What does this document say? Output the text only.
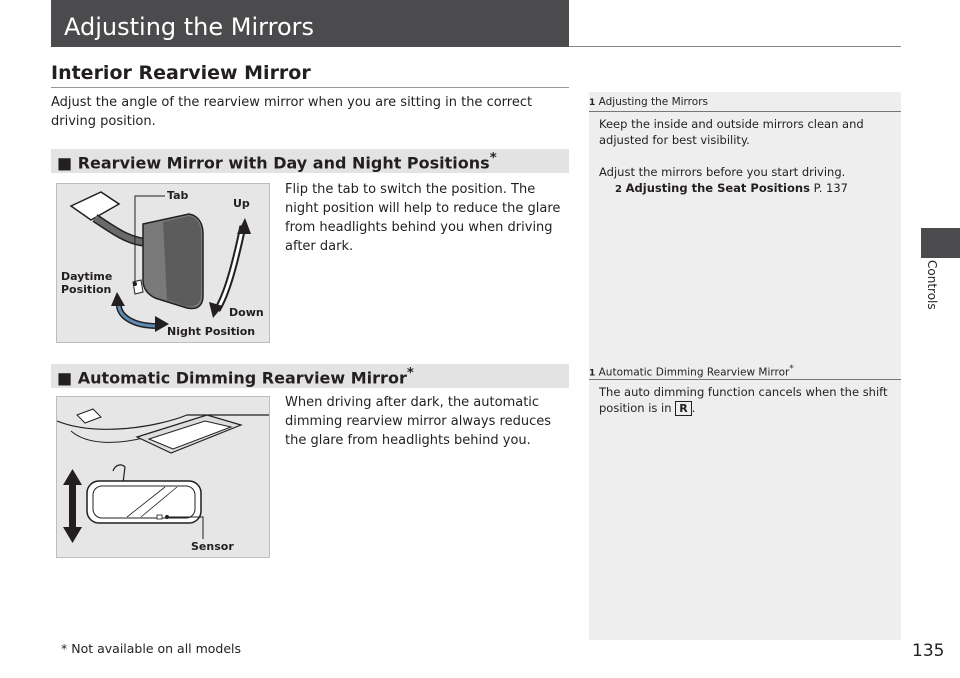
Adjusting the Mirrors
Interior Rearview Mirror
Adjust the angle of the rearview mirror when you are sitting in the correct driving position.
■ Rearview Mirror with Day and Night Positions*
Tab
Up
Daytime Position
Down
Night Position
Flip the tab to switch the position. The night position will help to reduce the glare from headlights behind you when driving after dark.
■ Automatic Dimming Rearview Mirror*
Sensor
When driving after dark, the automatic dimming rearview mirror always reduces the glare from headlights behind you.
1 Adjusting the Mirrors
Keep the inside and outside mirrors clean and adjusted for best visibility.
Adjust the mirrors before you start driving.
2 Adjusting the Seat Positions P. 137
1 Automatic Dimming Rearview Mirror*
The auto dimming function cancels when the shift position is in R .
Controls
* Not available on all models	135
